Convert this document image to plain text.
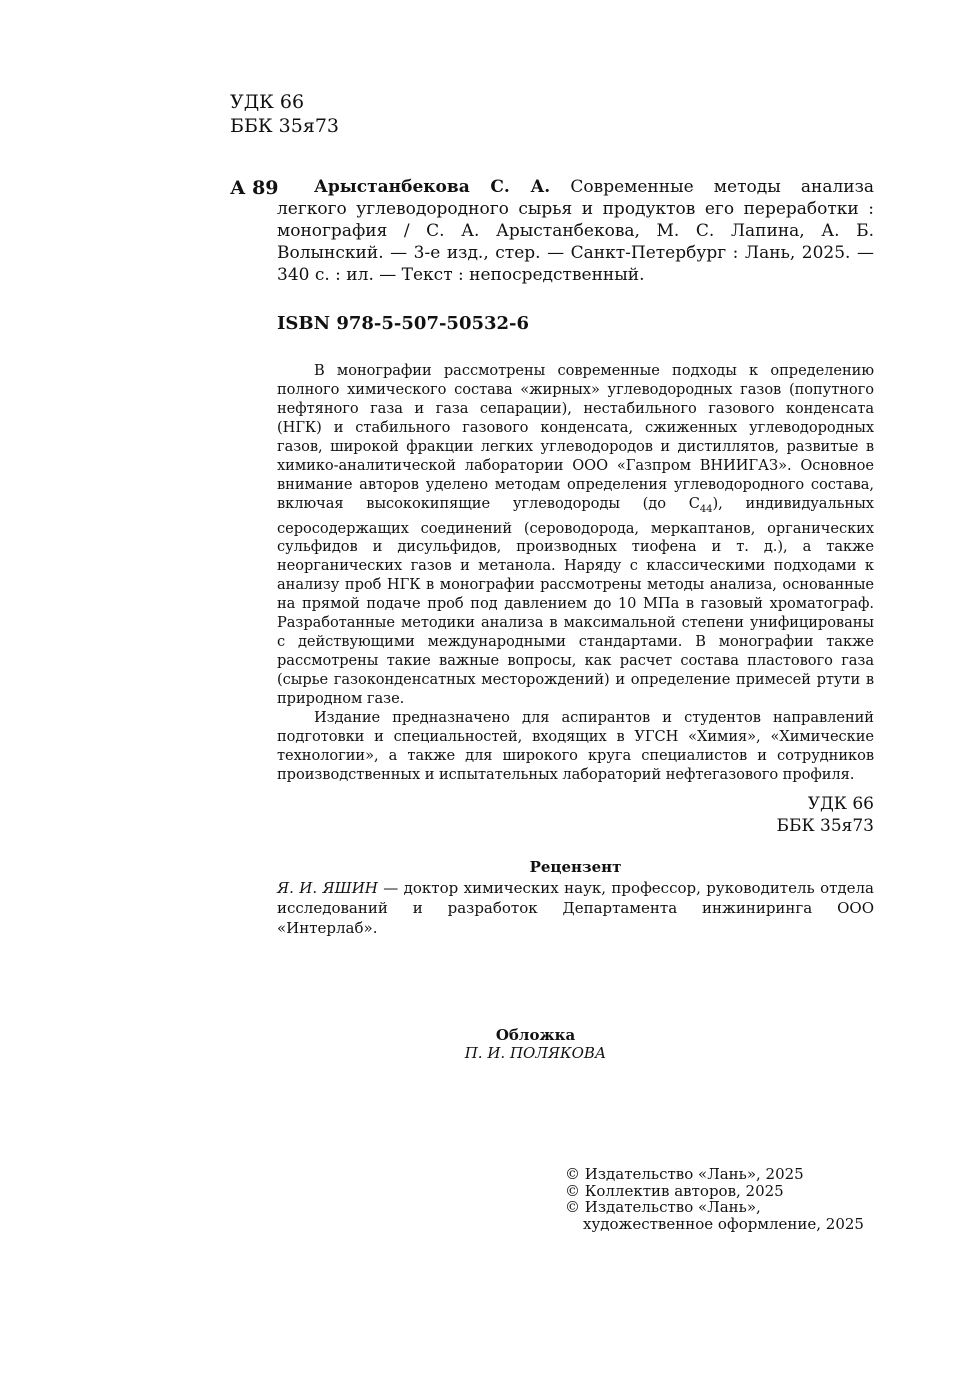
УДК 66
ББК 35я73
А 89	Арыстанбекова С. А. Современные методы анализа легкого углеводородного сырья и продуктов его переработки : монография / С. А. Арыстанбекова, М. С. Лапина, А. Б. Волынский. — 3-е изд., стер. — Санкт-Петербург : Лань, 2025. — 340 с. : ил. — Текст : непосредственный.
ISBN 978-5-507-50532-6

В монографии рассмотрены современные подходы к определению полного химического состава «жирных» углеводородных газов (попутного нефтяного газа и газа сепарации), нестабильного газового конденсата (НГК) и стабильного газового конденсата, сжиженных углеводородных газов, широкой фракции легких углеводородов и дистиллятов, развитые в химико-аналитической лаборатории ООО «Газпром ВНИИГАЗ». Основное внимание авторов уделено методам определения углеводородного состава, включая высококипящие углеводороды (до $C_{44}$), индивидуальных серосодержащих соединений (сероводорода, меркаптанов, органических сульфидов и дисульфидов, производных тиофена и т. д.), а также неорганических газов и метанола. Наряду с классическими подходами к анализу проб НГК в монографии рассмотрены методы анализа, основанные на прямой подаче проб под давлением до 10 МПа в газовый хроматограф. Разработанные методики анализа в максимальной степени унифицированы с действующими международными стандартами. В монографии также рассмотрены такие важные вопросы, как расчет состава пластового газа (сырье газоконденсатных месторождений) и определение примесей ртути в природном газе.

Издание предназначено для аспирантов и студентов направлений подготовки и специальностей, входящих в УГСН «Химия», «Химические технологии», а также для широкого круга специалистов и сотрудников производственных и испытательных лабораторий нефтегазового профиля.

УДК 66
ББК 35я73
Рецензент
Я. И. ЯШИН — доктор химических наук, профессор, руководитель отдела исследований и разработок Департамента инжиниринга ООО «Интерлаб».
Обложка
П. И. ПОЛЯКОВА
© Издательство «Лань», 2025
© Коллектив авторов, 2025
© Издательство «Лань»,
художественное оформление, 2025
